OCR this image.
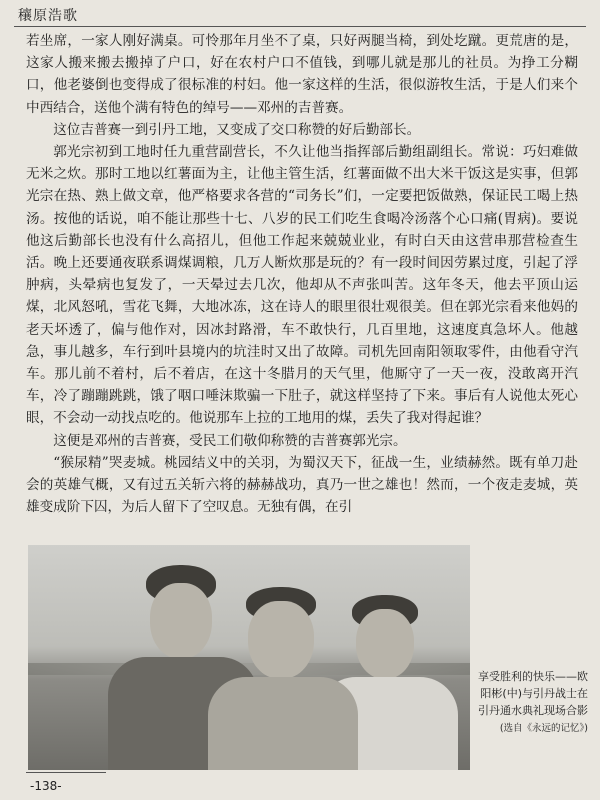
穰原浩歌

若坐席，一家人刚好满桌。可怜那年月坐不了桌，只好两腿当椅，到处圪蹴。更荒唐的是，这家人搬来搬去搬掉了户口，好在农村户口不值钱，到哪儿就是那儿的社员。为挣工分糊口，他老婆倒也变得成了很标准的村妇。他一家这样的生活，很似游牧生活，于是人们来个中西结合，送他个满有特色的绰号——邓州的吉普赛。

这位吉普赛一到引丹工地，又变成了交口称赞的好后勤部长。

郭光宗初到工地时任九重营副营长，不久让他当指挥部后勤组副组长。常说：巧妇难做无米之炊。那时工地以红薯面为主，让他主管生活，红薯面做不出大米干饭这是实事，但郭光宗在热、熟上做文章，他严格要求各营的“司务长”们，一定要把饭做熟，保证民工喝上热汤。按他的话说，咱不能让那些十七、八岁的民工们吃生食喝冷汤落个心口痛(胃病)。要说他这后勤部长也没有什么高招儿，但他工作起来兢兢业业，有时白天由这营串那营检查生活。晚上还要通夜联系调煤调粮，几万人断炊那是玩的？有一段时间因劳累过度，引起了浮肿病，头晕病也复发了，一天晕过去几次，他却从不声张叫苦。这年冬天，他去平顶山运煤，北风怒吼，雪花飞舞，大地冰冻，这在诗人的眼里很壮观很美。但在郭光宗看来他妈的老天坏透了，偏与他作对，因冰封路滑，车不敢快行，几百里地，这速度真急坏人。他越急，事儿越多，车行到叶县境内的坑洼时又出了故障。司机先回南阳领取零件，由他看守汽车。那儿前不着村，后不着店，在这十冬腊月的天气里，他厮守了一天一夜，没敢离开汽车，冷了蹦蹦跳跳，饿了咽口唾沫欺骗一下肚子，就这样坚持了下来。事后有人说他太死心眼，不会动一动找点吃的。他说那车上拉的工地用的煤，丢失了我对得起谁？

这便是邓州的吉普赛，受民工们敬仰称赞的吉普赛郭光宗。

“猴尿精”哭麦城。桃园结义中的关羽，为蜀汉天下，征战一生，业绩赫然。既有单刀赴会的英雄气概，又有过五关斩六将的赫赫战功，真乃一世之雄也！然而，一个夜走麦城，英雄变成阶下囚，为后人留下了空叹息。无独有偶，在引

享受胜利的快乐——欧阳彬(中)与引丹战士在引丹通水典礼现场合影 (选自《永远的记忆》)
-138-
